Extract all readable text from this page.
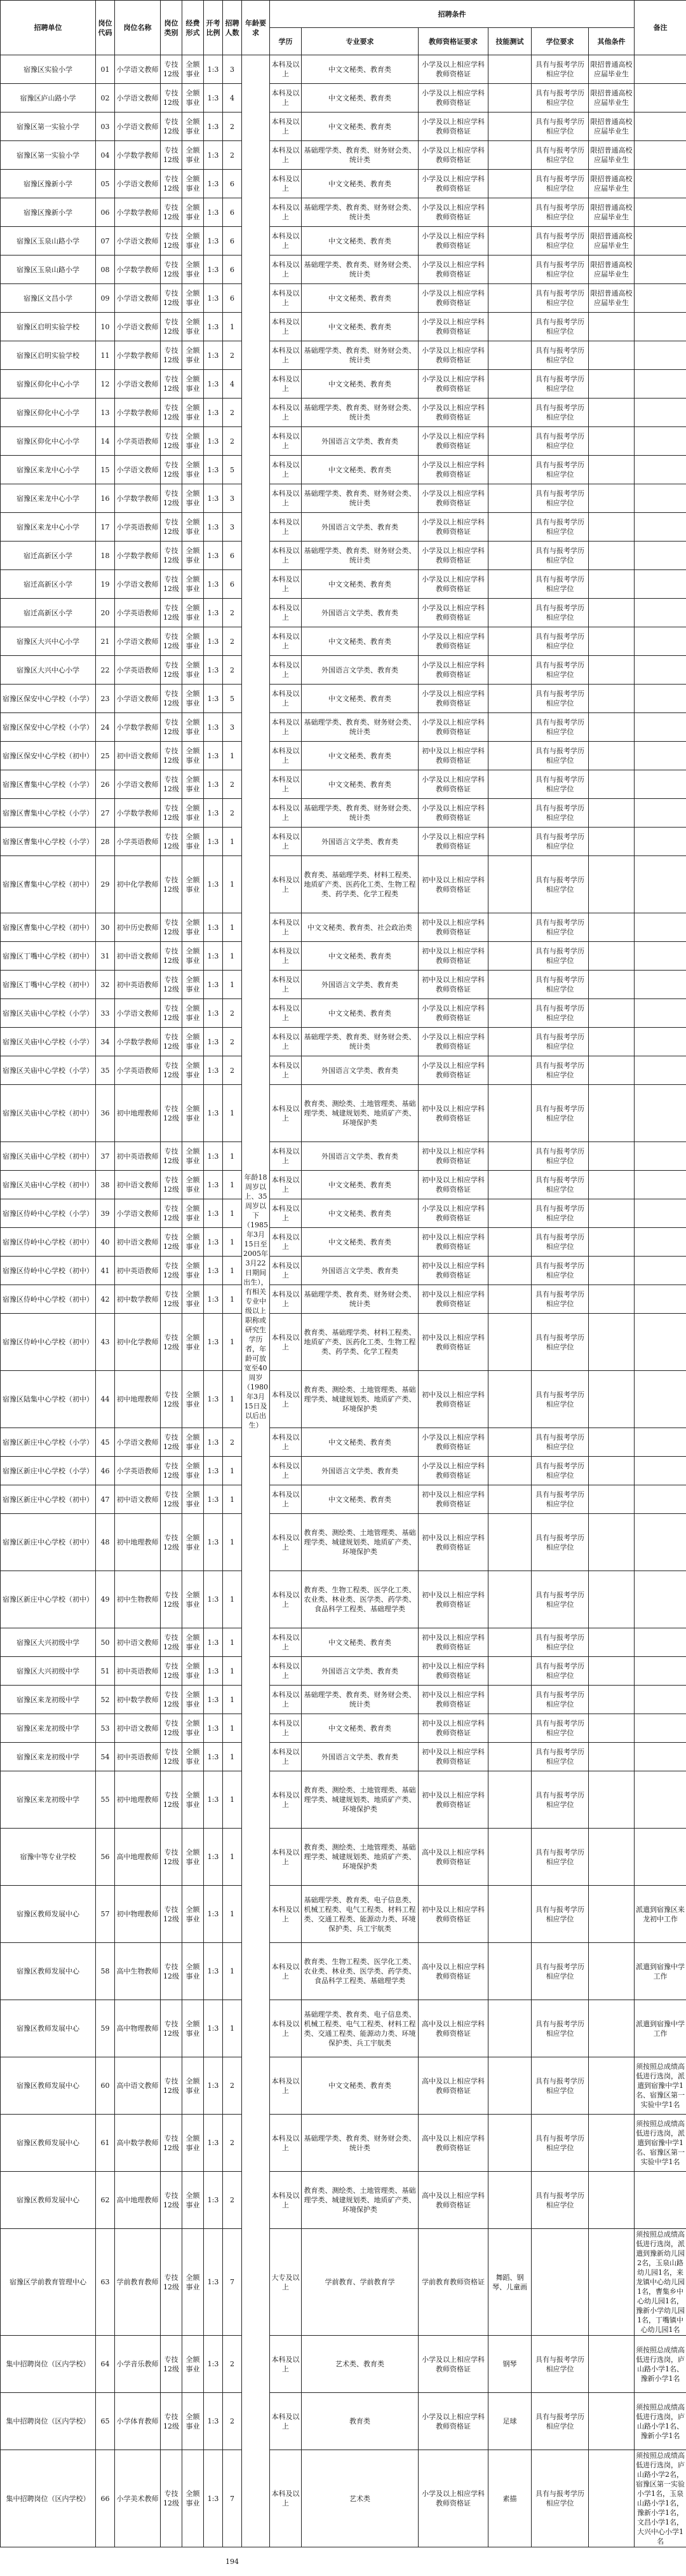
招聘单位	岗位代码	岗位名称	岗位类别	经费形式	开考比例	招聘人数	年龄要求	招聘条件						备注
								学历	专业要求	教师资格证要求	技能测试	学位要求	其他条件	
宿豫区实验小学	01	小学语文教师	专技12级	全额事业	1:3	3	年龄18周岁以上、35周岁以下（1985年3月15日至2005年3月22日期间出生），有相关专业中级以上职称或研究生学历者，年龄可放宽至40周岁（1980年3月15日及以后出生）	本科及以上	中文文秘类、教育类	小学及以上相应学科教师资格证		具有与报考学历相应学位	限招普通高校应届毕业生	
宿豫区庐山路小学	02	小学语文教师	专技12级	全额事业	1:3	4		本科及以上	中文文秘类、教育类	小学及以上相应学科教师资格证		具有与报考学历相应学位	限招普通高校应届毕业生	
宿豫区第一实验小学	03	小学语文教师	专技12级	全额事业	1:3	2		本科及以上	中文文秘类、教育类	小学及以上相应学科教师资格证		具有与报考学历相应学位	限招普通高校应届毕业生	
宿豫区第一实验小学	04	小学数学教师	专技12级	全额事业	1:3	2		本科及以上	基础理学类、教育类、财务财会类、统计类	小学及以上相应学科教师资格证		具有与报考学历相应学位	限招普通高校应届毕业生	
宿豫区豫新小学	05	小学语文教师	专技12级	全额事业	1:3	6		本科及以上	中文文秘类、教育类	小学及以上相应学科教师资格证		具有与报考学历相应学位	限招普通高校应届毕业生	
宿豫区豫新小学	06	小学数学教师	专技12级	全额事业	1:3	6		本科及以上	基础理学类、教育类、财务财会类、统计类	小学及以上相应学科教师资格证		具有与报考学历相应学位	限招普通高校应届毕业生	
宿豫区玉泉山路小学	07	小学语文教师	专技12级	全额事业	1:3	6		本科及以上	中文文秘类、教育类	小学及以上相应学科教师资格证		具有与报考学历相应学位	限招普通高校应届毕业生	
宿豫区玉泉山路小学	08	小学数学教师	专技12级	全额事业	1:3	6		本科及以上	基础理学类、教育类、财务财会类、统计类	小学及以上相应学科教师资格证		具有与报考学历相应学位	限招普通高校应届毕业生	
宿豫区文昌小学	09	小学语文教师	专技12级	全额事业	1:3	6		本科及以上	中文文秘类、教育类	小学及以上相应学科教师资格证		具有与报考学历相应学位	限招普通高校应届毕业生	
宿豫区启明实验学校	10	小学语文教师	专技12级	全额事业	1:3	1		本科及以上	中文文秘类、教育类	小学及以上相应学科教师资格证		具有与报考学历相应学位		
宿豫区启明实验学校	11	小学数学教师	专技12级	全额事业	1:3	2		本科及以上	基础理学类、教育类、财务财会类、统计类	小学及以上相应学科教师资格证		具有与报考学历相应学位		
宿豫区仰化中心小学	12	小学语文教师	专技12级	全额事业	1:3	4		本科及以上	中文文秘类、教育类	小学及以上相应学科教师资格证		具有与报考学历相应学位		
宿豫区仰化中心小学	13	小学数学教师	专技12级	全额事业	1:3	2		本科及以上	基础理学类、教育类、财务财会类、统计类	小学及以上相应学科教师资格证		具有与报考学历相应学位		
宿豫区仰化中心小学	14	小学英语教师	专技12级	全额事业	1:3	2		本科及以上	外国语言文学类、教育类	小学及以上相应学科教师资格证		具有与报考学历相应学位		
宿豫区来龙中心小学	15	小学语文教师	专技12级	全额事业	1:3	5		本科及以上	中文文秘类、教育类	小学及以上相应学科教师资格证		具有与报考学历相应学位		
宿豫区来龙中心小学	16	小学数学教师	专技12级	全额事业	1:3	3		本科及以上	基础理学类、教育类、财务财会类、统计类	小学及以上相应学科教师资格证		具有与报考学历相应学位		
宿豫区来龙中心小学	17	小学英语教师	专技12级	全额事业	1:3	3		本科及以上	外国语言文学类、教育类	小学及以上相应学科教师资格证		具有与报考学历相应学位		
宿迁高新区小学	18	小学数学教师	专技12级	全额事业	1:3	6		本科及以上	基础理学类、教育类、财务财会类、统计类	小学及以上相应学科教师资格证		具有与报考学历相应学位		
宿迁高新区小学	19	小学语文教师	专技12级	全额事业	1:3	6		本科及以上	中文文秘类、教育类	小学及以上相应学科教师资格证		具有与报考学历相应学位		
宿迁高新区小学	20	小学英语教师	专技12级	全额事业	1:3	2		本科及以上	外国语言文学类、教育类	小学及以上相应学科教师资格证		具有与报考学历相应学位		
宿豫区大兴中心小学	21	小学语文教师	专技12级	全额事业	1:3	2		本科及以上	中文文秘类、教育类	小学及以上相应学科教师资格证		具有与报考学历相应学位		
宿豫区大兴中心小学	22	小学英语教师	专技12级	全额事业	1:3	2		本科及以上	外国语言文学类、教育类	小学及以上相应学科教师资格证		具有与报考学历相应学位		
宿豫区保安中心学校（小学）	23	小学语文教师	专技12级	全额事业	1:3	5		本科及以上	中文文秘类、教育类	小学及以上相应学科教师资格证		具有与报考学历相应学位		
宿豫区保安中心学校（小学）	24	小学数学教师	专技12级	全额事业	1:3	3		本科及以上	基础理学类、教育类、财务财会类、统计类	小学及以上相应学科教师资格证		具有与报考学历相应学位		
宿豫区保安中心学校（初中）	25	初中语文教师	专技12级	全额事业	1:3	1		本科及以上	中文文秘类、教育类	初中及以上相应学科教师资格证		具有与报考学历相应学位		
宿豫区曹集中心学校（小学）	26	小学语文教师	专技12级	全额事业	1:3	2		本科及以上	中文文秘类、教育类	小学及以上相应学科教师资格证		具有与报考学历相应学位		
宿豫区曹集中心学校（小学）	27	小学数学教师	专技12级	全额事业	1:3	2		本科及以上	基础理学类、教育类、财务财会类、统计类	小学及以上相应学科教师资格证		具有与报考学历相应学位		
宿豫区曹集中心学校（小学）	28	小学英语教师	专技12级	全额事业	1:3	1		本科及以上	外国语言文学类、教育类	小学及以上相应学科教师资格证		具有与报考学历相应学位		
宿豫区曹集中心学校（初中）	29	初中化学教师	专技12级	全额事业	1:3	1		本科及以上	教育类、基础理学类、材料工程类、地质矿产类、医药化工类、生物工程类、药学类、化学工程类	初中及以上相应学科教师资格证		具有与报考学历相应学位		
宿豫区曹集中心学校（初中）	30	初中历史教师	专技12级	全额事业	1:3	1		本科及以上	中文文秘类、教育类、社会政治类	初中及以上相应学科教师资格证		具有与报考学历相应学位		
宿豫区丁嘴中心学校（初中）	31	初中语文教师	专技12级	全额事业	1:3	1		本科及以上	中文文秘类、教育类	初中及以上相应学科教师资格证		具有与报考学历相应学位		
宿豫区丁嘴中心学校（初中）	32	初中英语教师	专技12级	全额事业	1:3	1		本科及以上	外国语言文学类、教育类	初中及以上相应学科教师资格证		具有与报考学历相应学位		
宿豫区关庙中心学校（小学）	33	小学语文教师	专技12级	全额事业	1:3	2		本科及以上	中文文秘类、教育类	小学及以上相应学科教师资格证		具有与报考学历相应学位		
宿豫区关庙中心学校（小学）	34	小学数学教师	专技12级	全额事业	1:3	2		本科及以上	基础理学类、教育类、财务财会类、统计类	小学及以上相应学科教师资格证		具有与报考学历相应学位		
宿豫区关庙中心学校（小学）	35	小学英语教师	专技12级	全额事业	1:3	2		本科及以上	外国语言文学类、教育类	小学及以上相应学科教师资格证		具有与报考学历相应学位		
宿豫区关庙中心学校（初中）	36	初中地理教师	专技12级	全额事业	1:3	1		本科及以上	教育类、测绘类、土地管理类、基础理学类、城建规划类、地质矿产类、环境保护类	初中及以上相应学科教师资格证		具有与报考学历相应学位		
宿豫区关庙中心学校（初中）	37	初中英语教师	专技12级	全额事业	1:3	1		本科及以上	外国语言文学类、教育类	初中及以上相应学科教师资格证		具有与报考学历相应学位		
宿豫区关庙中心学校（初中）	38	初中语文教师	专技12级	全额事业	1:3	1		本科及以上	中文文秘类、教育类	初中及以上相应学科教师资格证		具有与报考学历相应学位		
宿豫区侍岭中心学校（小学）	39	小学语文教师	专技12级	全额事业	1:3	1		本科及以上	中文文秘类、教育类	小学及以上相应学科教师资格证		具有与报考学历相应学位		
宿豫区侍岭中心学校（初中）	40	初中语文教师	专技12级	全额事业	1:3	1		本科及以上	中文文秘类、教育类	初中及以上相应学科教师资格证		具有与报考学历相应学位		
宿豫区侍岭中心学校（初中）	41	初中英语教师	专技12级	全额事业	1:3	1		本科及以上	外国语言文学类、教育类	初中及以上相应学科教师资格证		具有与报考学历相应学位		
宿豫区侍岭中心学校（初中）	42	初中数学教师	专技12级	全额事业	1:3	1		本科及以上	基础理学类、教育类、财务财会类、统计类	初中及以上相应学科教师资格证		具有与报考学历相应学位		
宿豫区侍岭中心学校（初中）	43	初中化学教师	专技12级	全额事业	1:3	1		本科及以上	教育类、基础理学类、材料工程类、地质矿产类、医药化工类、生物工程类、药学类、化学工程类	初中及以上相应学科教师资格证		具有与报考学历相应学位		
宿豫区陆集中心学校（初中）	44	初中地理教师	专技12级	全额事业	1:3	1		本科及以上	教育类、测绘类、土地管理类、基础理学类、城建规划类、地质矿产类、环境保护类	初中及以上相应学科教师资格证		具有与报考学历相应学位		
宿豫区新庄中心学校（小学）	45	小学语文教师	专技12级	全额事业	1:3	2		本科及以上	中文文秘类、教育类	小学及以上相应学科教师资格证		具有与报考学历相应学位		
宿豫区新庄中心学校（小学）	46	小学英语教师	专技12级	全额事业	1:3	1		本科及以上	外国语言文学类、教育类	小学及以上相应学科教师资格证		具有与报考学历相应学位		
宿豫区新庄中心学校（初中）	47	初中语文教师	专技12级	全额事业	1:3	1		本科及以上	中文文秘类、教育类	初中及以上相应学科教师资格证		具有与报考学历相应学位		
宿豫区新庄中心学校（初中）	48	初中地理教师	专技12级	全额事业	1:3	1		本科及以上	教育类、测绘类、土地管理类、基础理学类、城建规划类、地质矿产类、环境保护类	初中及以上相应学科教师资格证		具有与报考学历相应学位		
宿豫区新庄中心学校（初中）	49	初中生物教师	专技12级	全额事业	1:3	1		本科及以上	教育类、生物工程类、医学化工类、农业类、林业类、医学类、药学类、食品科学工程类、基础理学类	初中及以上相应学科教师资格证		具有与报考学历相应学位		
宿豫区大兴初级中学	50	初中语文教师	专技12级	全额事业	1:3	1		本科及以上	中文文秘类、教育类	初中及以上相应学科教师资格证		具有与报考学历相应学位		
宿豫区大兴初级中学	51	初中英语教师	专技12级	全额事业	1:3	1		本科及以上	外国语言文学类、教育类	初中及以上相应学科教师资格证		具有与报考学历相应学位		
宿豫区来龙初级中学	52	初中数学教师	专技12级	全额事业	1:3	1		本科及以上	基础理学类、教育类、财务财会类、统计类	初中及以上相应学科教师资格证		具有与报考学历相应学位		
宿豫区来龙初级中学	53	初中语文教师	专技12级	全额事业	1:3	1		本科及以上	中文文秘类、教育类	初中及以上相应学科教师资格证		具有与报考学历相应学位		
宿豫区来龙初级中学	54	初中英语教师	专技12级	全额事业	1:3	1		本科及以上	外国语言文学类、教育类	初中及以上相应学科教师资格证		具有与报考学历相应学位		
宿豫区来龙初级中学	55	初中地理教师	专技12级	全额事业	1:3	1		本科及以上	教育类、测绘类、土地管理类、基础理学类、城建规划类、地质矿产类、环境保护类	初中及以上相应学科教师资格证		具有与报考学历相应学位		
宿豫中等专业学校	56	高中地理教师	专技12级	全额事业	1:3	1		本科及以上	教育类、测绘类、土地管理类、基础理学类、城建规划类、地质矿产类、环境保护类	高中及以上相应学科教师资格证		具有与报考学历相应学位		
宿豫区教师发展中心	57	初中物理教师	专技12级	全额事业	1:3	1		本科及以上	基础理学类、教育类、电子信息类、机械工程类、电气工程类、材料工程类、交通工程类、能源动力类、环境保护类、兵工宇航类	初中及以上相应学科教师资格证		具有与报考学历相应学位		派遣到宿豫区来龙初中工作
宿豫区教师发展中心	58	高中生物教师	专技12级	全额事业	1:3	1		本科及以上	教育类、生物工程类、医学化工类、农业类、林业类、医学类、药学类、食品科学工程类、基础理学类	高中及以上相应学科教师资格证		具有与报考学历相应学位		派遣到宿豫中学工作
宿豫区教师发展中心	59	高中物理教师	专技12级	全额事业	1:3	1		本科及以上	基础理学类、教育类、电子信息类、机械工程类、电气工程类、材料工程类、交通工程类、能源动力类、环境保护类、兵工宇航类	高中及以上相应学科教师资格证		具有与报考学历相应学位		派遣到宿豫中学工作
宿豫区教师发展中心	60	高中语文教师	专技12级	全额事业	1:3	2		本科及以上	中文文秘类、教育类	高中及以上相应学科教师资格证		具有与报考学历相应学位		须按照总成绩高低进行选岗，派遣到宿豫中学1名、宿豫区第一实验中学1名
宿豫区教师发展中心	61	高中数学教师	专技12级	全额事业	1:3	2		本科及以上	基础理学类、教育类、财务财会类、统计类	高中及以上相应学科教师资格证		具有与报考学历相应学位		须按照总成绩高低进行选岗，派遣到宿豫中学1名、宿豫区第一实验中学1名
宿豫区教师发展中心	62	高中地理教师	专技12级	全额事业	1:3	2		本科及以上	教育类、测绘类、土地管理类、基础理学类、城建规划类、地质矿产类、环境保护类	高中及以上相应学科教师资格证		具有与报考学历相应学位		
宿豫区学前教育管理中心	63	学前教育教师	专技12级	全额事业	1:3	7		大专及以上	学前教育、学前教育学	学前教育教师资格证	舞蹈、钢琴、儿童画			须按照总成绩高低进行选岗，派遣到豫新幼儿园2名，玉泉山路幼儿园1名，来龙镇中心幼儿园1名，曹集乡中心幼儿园1名，豫新小学幼儿园1名，丁嘴镇中心幼儿园1名
集中招聘岗位（区内学校）	64	小学音乐教师	专技12级	全额事业	1:3	2		本科及以上	艺术类、教育类	小学及以上相应学科教师资格证	钢琴	具有与报考学历相应学位		须按照总成绩高低进行选岗，庐山路小学1名、豫新小学1名
集中招聘岗位（区内学校）	65	小学体育教师	专技12级	全额事业	1:3	2		本科及以上	教育类	小学及以上相应学科教师资格证	足球	具有与报考学历相应学位		须按照总成绩高低进行选岗，庐山路小学1名、豫新小学1名
集中招聘岗位（区内学校）	66	小学美术教师	专技12级	全额事业	1:3	7		本科及以上	艺术类	小学及以上相应学科教师资格证	素描	具有与报考学历相应学位		须按照总成绩高低进行选岗，庐山路小学2名，宿豫区第一实验小学1名，玉泉山路小学1名，豫新小学1名，文昌小学1名，大兴中心小学1名
						194								
